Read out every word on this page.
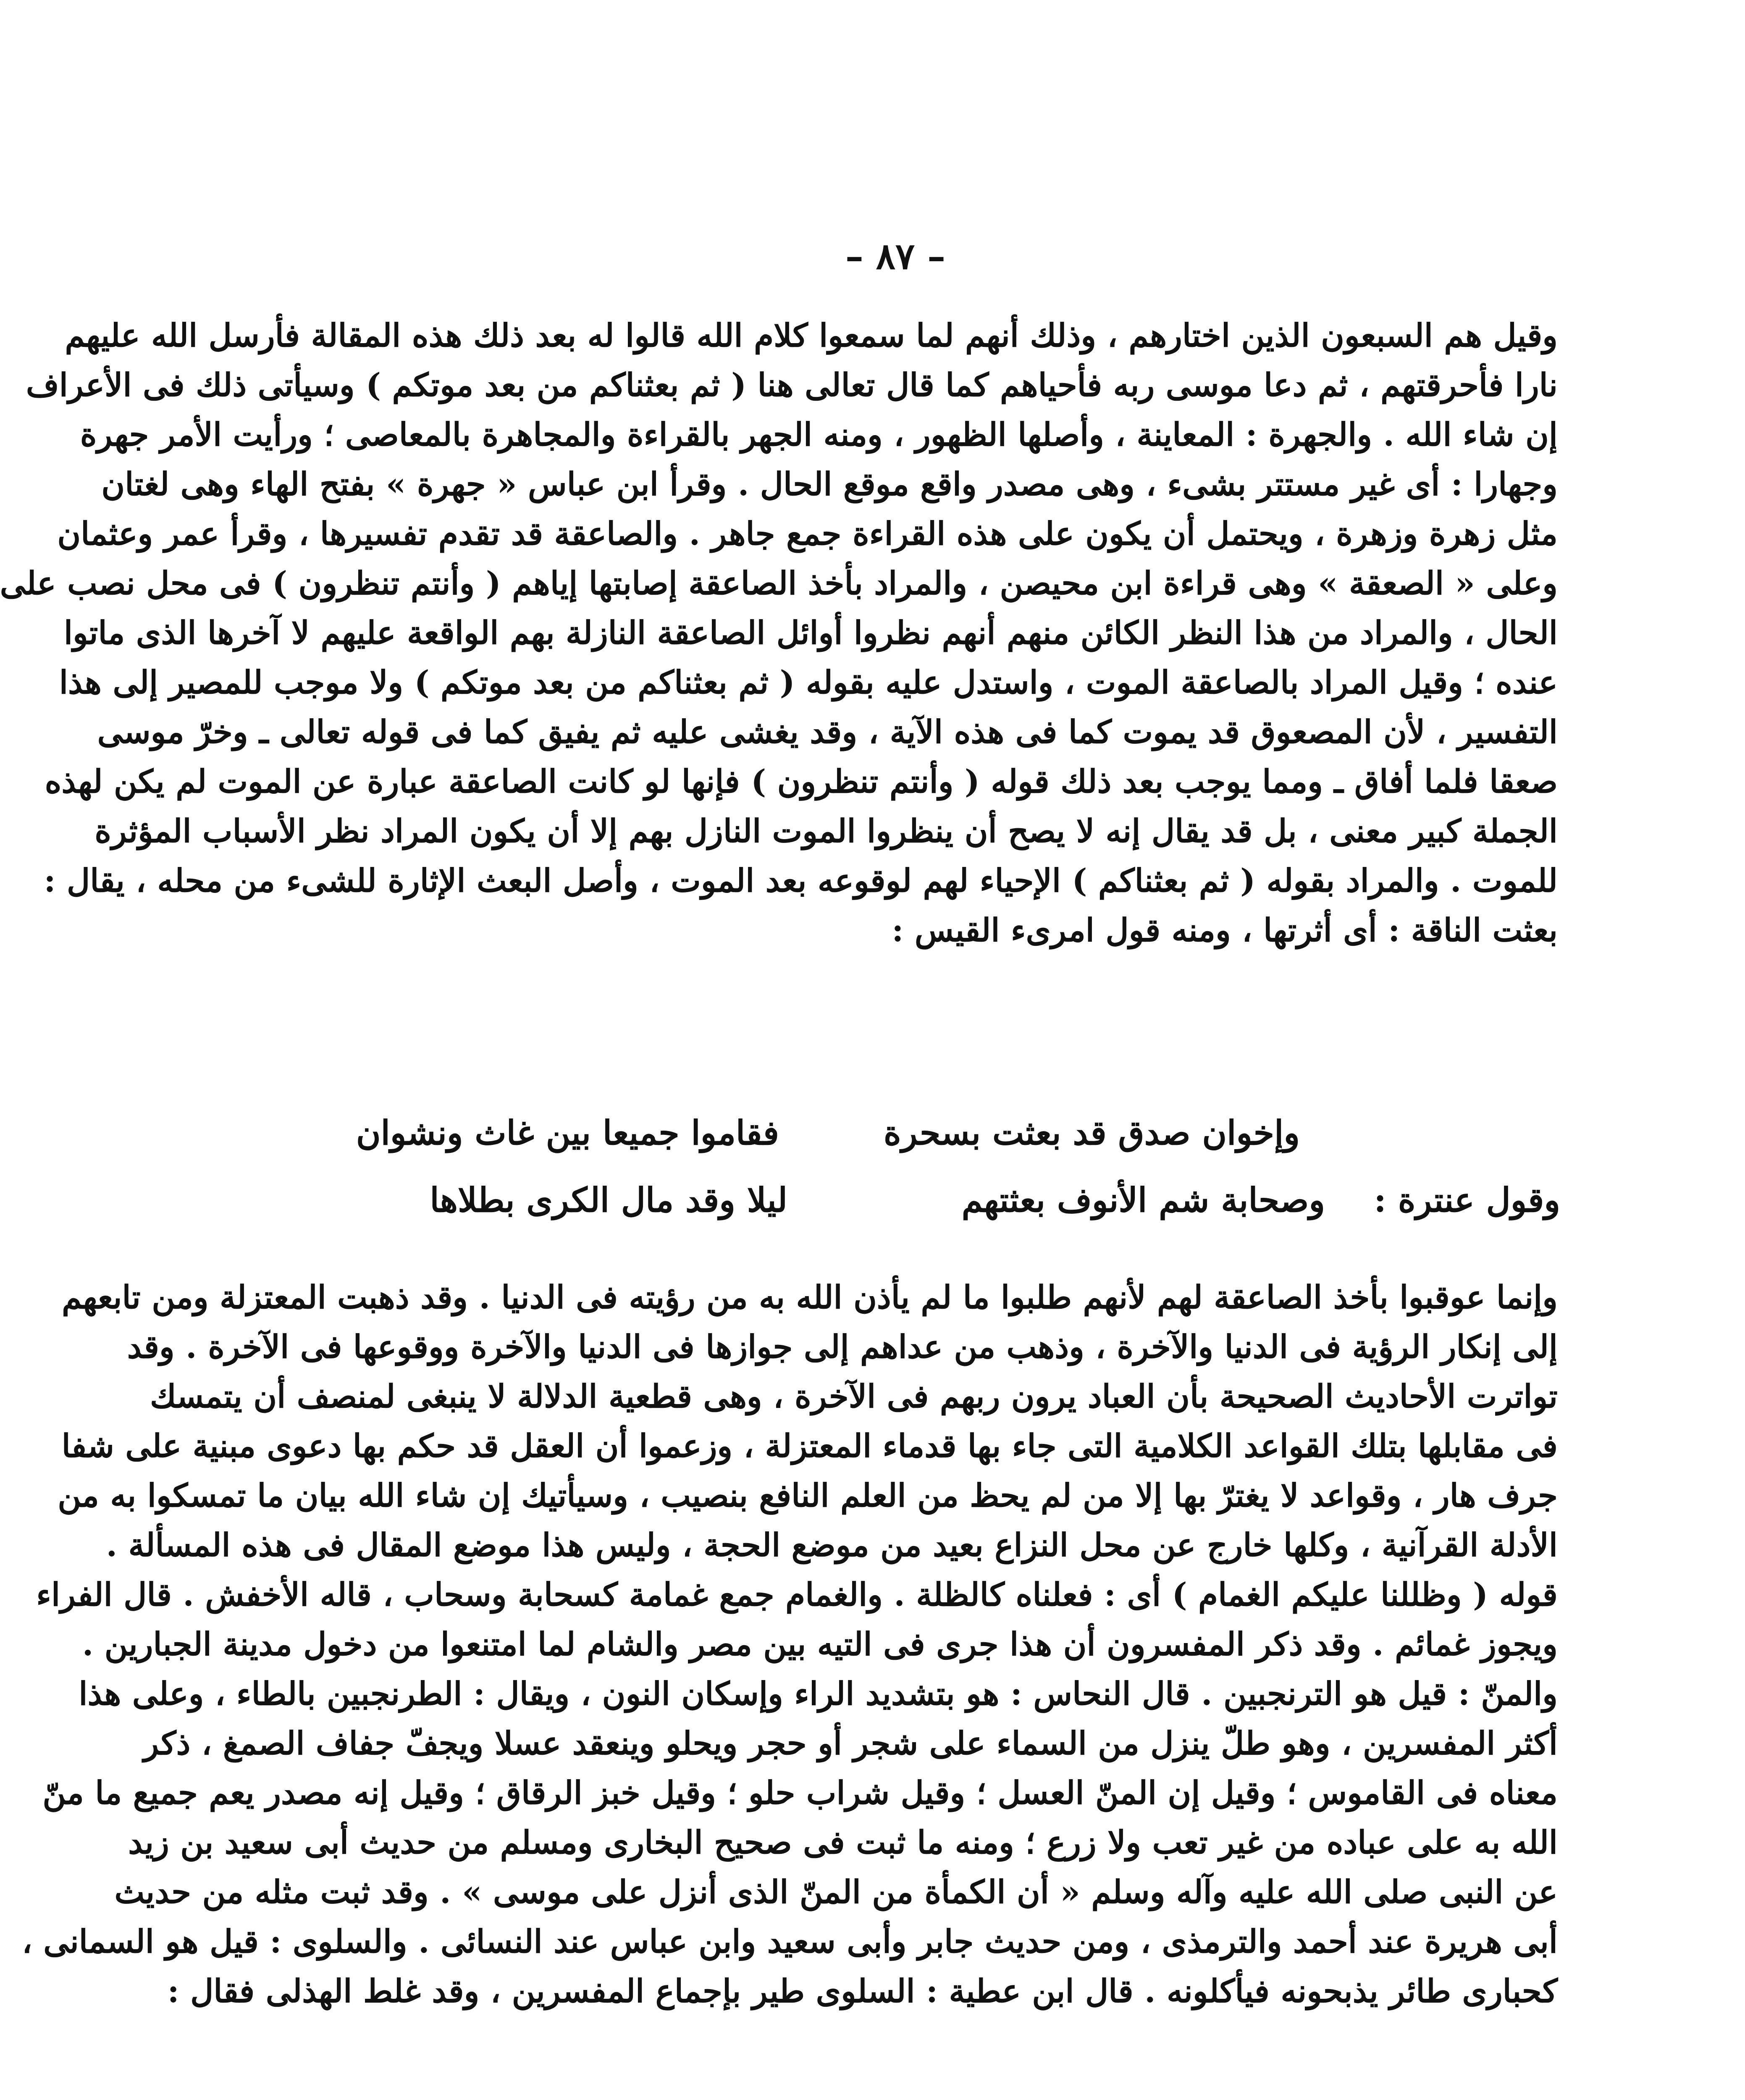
– ٨٧ –
وقيل هم السبعون الذين اختارهم ، وذلك أنهم لما سمعوا كلام الله قالوا له بعد ذلك هذه المقالة فأرسل الله عليهم
نارا فأحرقتهم ، ثم دعا موسى ربه فأحياهم كما قال تعالى هنا ( ثم بعثناكم من بعد موتكم ) وسيأتى ذلك فى الأعراف
إن شاء الله . والجهرة : المعاينة ، وأصلها الظهور ، ومنه الجهر بالقراءة والمجاهرة بالمعاصى ؛ ورأيت الأمر جهرة
وجهارا : أى غير مستتر بشىء ، وهى مصدر واقع موقع الحال . وقرأ ابن عباس « جهرة » بفتح الهاء وهى لغتان
مثل زهرة وزهرة ، ويحتمل أن يكون على هذه القراءة جمع جاهر . والصاعقة قد تقدم تفسيرها ، وقرأ عمر وعثمان
وعلى « الصعقة » وهى قراءة ابن محيصن ، والمراد بأخذ الصاعقة إصابتها إياهم ( وأنتم تنظرون ) فى محل نصب على
الحال ، والمراد من هذا النظر الكائن منهم أنهم نظروا أوائل الصاعقة النازلة بهم الواقعة عليهم لا آخرها الذى ماتوا
عنده ؛ وقيل المراد بالصاعقة الموت ، واستدل عليه بقوله ( ثم بعثناكم من بعد موتكم ) ولا موجب للمصير إلى هذا
التفسير ، لأن المصعوق قد يموت كما فى هذه الآية ، وقد يغشى عليه ثم يفيق كما فى قوله تعالى ـ وخرّ موسى
صعقا فلما أفاق ـ ومما يوجب بعد ذلك قوله ( وأنتم تنظرون ) فإنها لو كانت الصاعقة عبارة عن الموت لم يكن لهذه
الجملة كبير معنى ، بل قد يقال إنه لا يصح أن ينظروا الموت النازل بهم إلا أن يكون المراد نظر الأسباب المؤثرة
للموت . والمراد بقوله ( ثم بعثناكم ) الإحياء لهم لوقوعه بعد الموت ، وأصل البعث الإثارة للشىء من محله ، يقال :
بعثت الناقة : أى أثرتها ، ومنه قول امرىء القيس :
وإخوان صدق قد بعثت بسحرة
فقاموا جميعا بين غاث ونشوان
وقول عنترة :
وصحابة شم الأنوف بعثتهم
ليلا وقد مال الكرى بطلاها
وإنما عوقبوا بأخذ الصاعقة لهم لأنهم طلبوا ما لم يأذن الله به من رؤيته فى الدنيا . وقد ذهبت المعتزلة ومن تابعهم
إلى إنكار الرؤية فى الدنيا والآخرة ، وذهب من عداهم إلى جوازها فى الدنيا والآخرة ووقوعها فى الآخرة . وقد
تواترت الأحاديث الصحيحة بأن العباد يرون ربهم فى الآخرة ، وهى قطعية الدلالة لا ينبغى لمنصف أن يتمسك
فى مقابلها بتلك القواعد الكلامية التى جاء بها قدماء المعتزلة ، وزعموا أن العقل قد حكم بها دعوى مبنية على شفا
جرف هار ، وقواعد لا يغترّ بها إلا من لم يحظ من العلم النافع بنصيب ، وسيأتيك إن شاء الله بيان ما تمسكوا به من
الأدلة القرآنية ، وكلها خارج عن محل النزاع بعيد من موضع الحجة ، وليس هذا موضع المقال فى هذه المسألة .
قوله ( وظللنا عليكم الغمام ) أى : فعلناه كالظلة . والغمام جمع غمامة كسحابة وسحاب ، قاله الأخفش . قال الفراء
ويجوز غمائم . وقد ذكر المفسرون أن هذا جرى فى التيه بين مصر والشام لما امتنعوا من دخول مدينة الجبارين .
والمنّ : قيل هو الترنجبين . قال النحاس : هو بتشديد الراء وإسكان النون ، ويقال : الطرنجبين بالطاء ، وعلى هذا
أكثر المفسرين ، وهو طلّ ينزل من السماء على شجر أو حجر ويحلو وينعقد عسلا ويجفّ جفاف الصمغ ، ذكر
معناه فى القاموس ؛ وقيل إن المنّ العسل ؛ وقيل شراب حلو ؛ وقيل خبز الرقاق ؛ وقيل إنه مصدر يعم جميع ما منّ
الله به على عباده من غير تعب ولا زرع ؛ ومنه ما ثبت فى صحيح البخارى ومسلم من حديث أبى سعيد بن زيد
عن النبى صلى الله عليه وآله وسلم « أن الكمأة من المنّ الذى أنزل على موسى » . وقد ثبت مثله من حديث
أبى هريرة عند أحمد والترمذى ، ومن حديث جابر وأبى سعيد وابن عباس عند النسائى . والسلوى : قيل هو السمانى ،
كحبارى طائر يذبحونه فيأكلونه . قال ابن عطية : السلوى طير بإجماع المفسرين ، وقد غلط الهذلى فقال :
